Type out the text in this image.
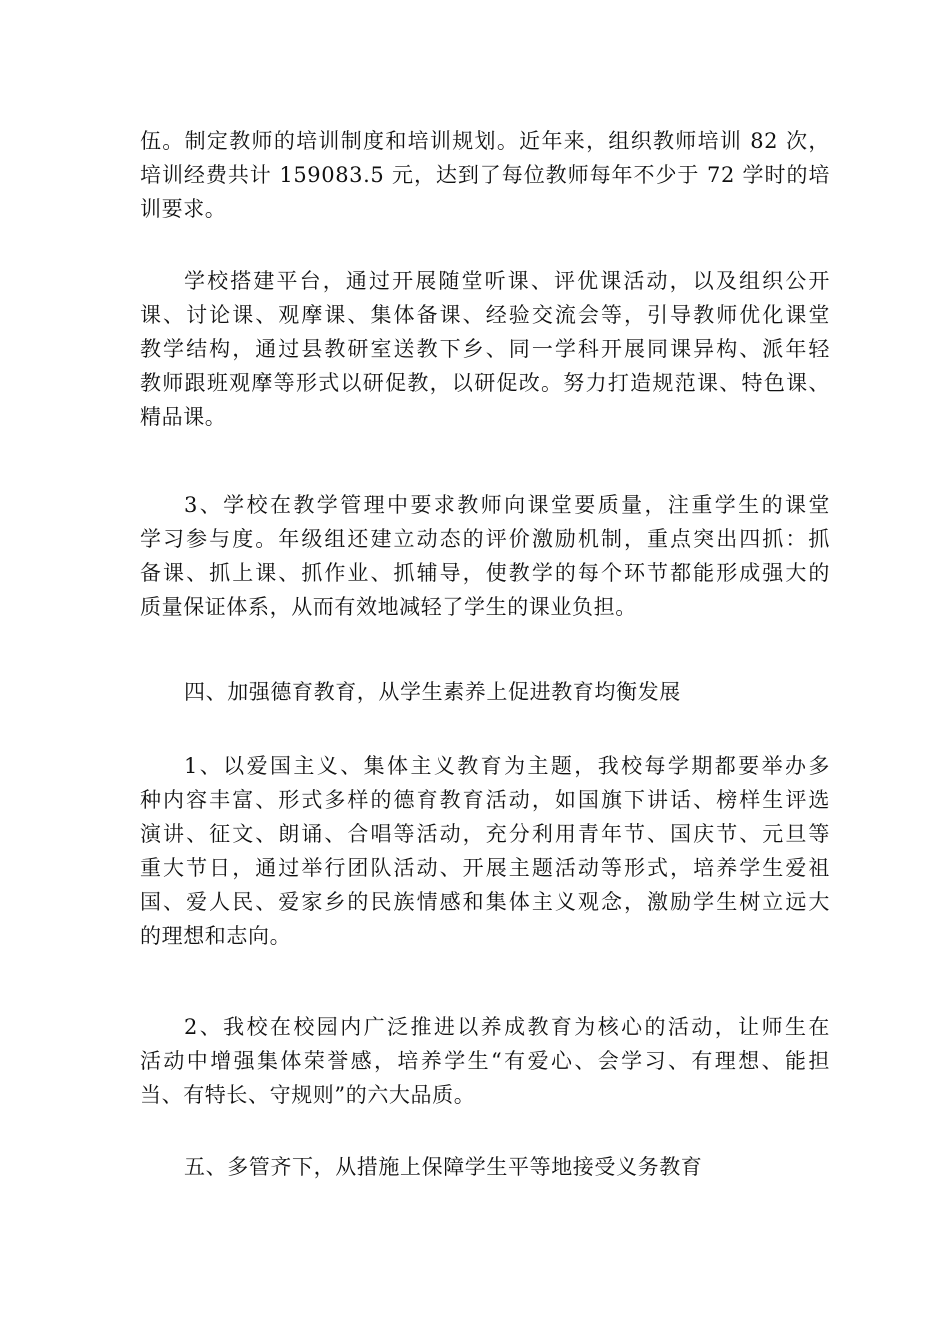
伍。制定教师的培训制度和培训规划。近年来，组织教师培训 82 次，
培训经费共计 159083.5 元，达到了每位教师每年不少于 72 学时的培
训要求。

学校搭建平台，通过开展随堂听课、评优课活动，以及组织公开
课、讨论课、观摩课、集体备课、经验交流会等，引导教师优化课堂
教学结构，通过县教研室送教下乡、同一学科开展同课异构、派年轻
教师跟班观摩等形式以研促教，以研促改。努力打造规范课、特色课、
精品课。

3、学校在教学管理中要求教师向课堂要质量，注重学生的课堂
学习参与度。年级组还建立动态的评价激励机制，重点突出四抓：抓
备课、抓上课、抓作业、抓辅导，使教学的每个环节都能形成强大的
质量保证体系，从而有效地减轻了学生的课业负担。

四、加强德育教育，从学生素养上促进教育均衡发展

1、以爱国主义、集体主义教育为主题，我校每学期都要举办多
种内容丰富、形式多样的德育教育活动，如国旗下讲话、榜样生评选
演讲、征文、朗诵、合唱等活动，充分利用青年节、国庆节、元旦等
重大节日，通过举行团队活动、开展主题活动等形式，培养学生爱祖
国、爱人民、爱家乡的民族情感和集体主义观念，激励学生树立远大
的理想和志向。

2、我校在校园内广泛推进以养成教育为核心的活动，让师生在
活动中增强集体荣誉感，培养学生“有爱心、会学习、有理想、能担
当、有特长、守规则”的六大品质。

五、多管齐下，从措施上保障学生平等地接受义务教育
